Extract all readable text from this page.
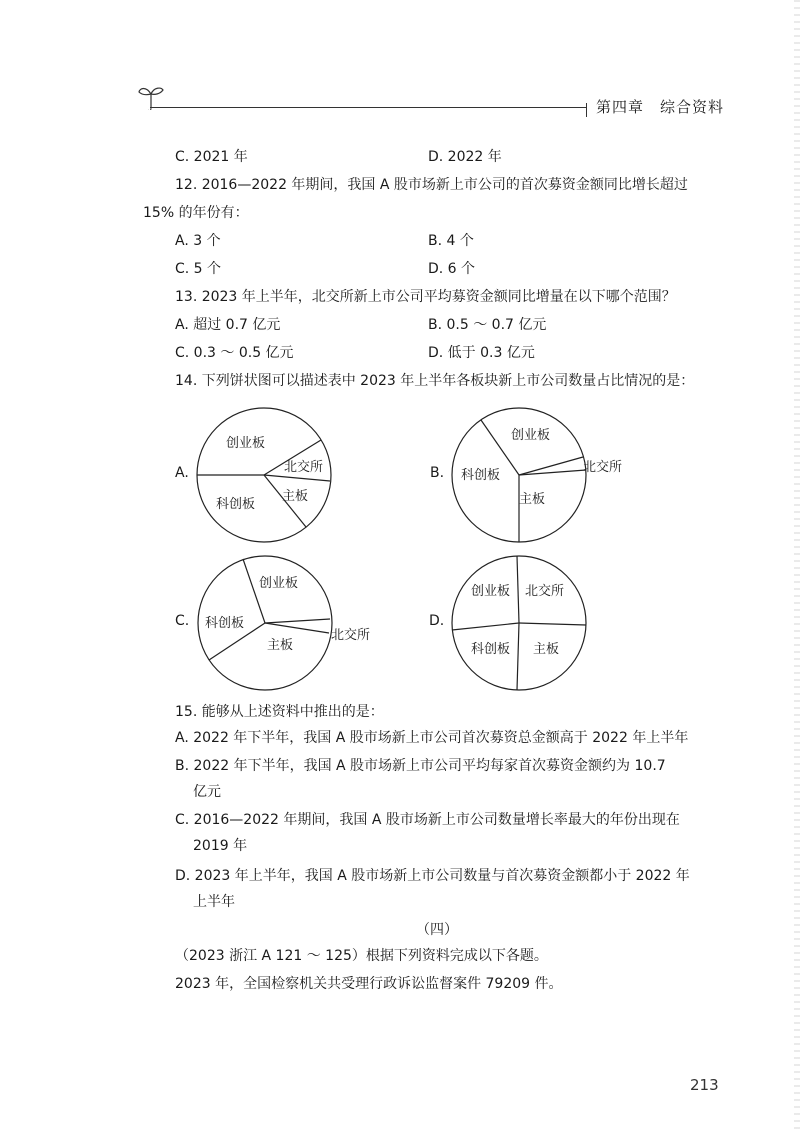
第四章 综合资料
C. 2021 年	D. 2022 年
12. 2016—2022 年期间，我国 A 股市场新上市公司的首次募资金额同比增长超过
15% 的年份有：
A. 3 个	B. 4 个
C. 5 个	D. 6 个
13. 2023 年上半年，北交所新上市公司平均募资金额同比增量在以下哪个范围？
A. 超过 0.7 亿元	B. 0.5 ～ 0.7 亿元
C. 0.3 ～ 0.5 亿元	D. 低于 0.3 亿元
14. 下列饼状图可以描述表中 2023 年上半年各板块新上市公司数量占比情况的是：
A.
创业板
北交所
主板
科创板
B.
创业板
北交所
主板
科创板
C.
创业板
北交所
主板
科创板	D.
创业板 北交所
主板
科创板
15. 能够从上述资料中推出的是：
A. 2022 年下半年，我国 A 股市场新上市公司首次募资总金额高于 2022 年上半年
B. 2022 年下半年，我国 A 股市场新上市公司平均每家首次募资金额约为 10.7
亿元
C. 2016—2022 年期间，我国 A 股市场新上市公司数量增长率最大的年份出现在
2019 年
D. 2023 年上半年，我国 A 股市场新上市公司数量与首次募资金额都小于 2022 年
上半年
（四）
（2023 浙江 A 121 ～ 125）根据下列资料完成以下各题。
2023 年，全国检察机关共受理行政诉讼监督案件 79209 件。
213
